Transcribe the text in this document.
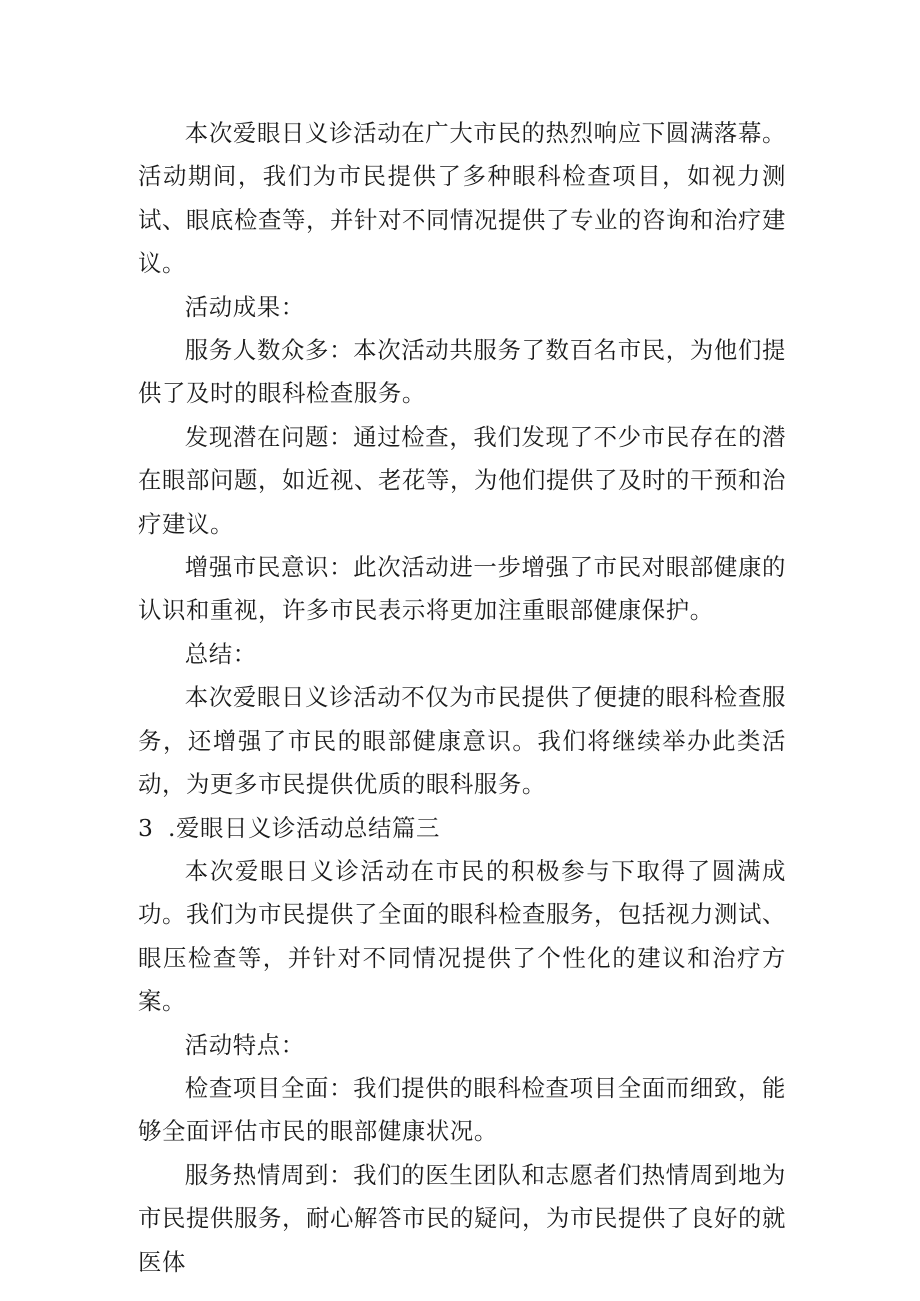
本次爱眼日义诊活动在广大市民的热烈响应下圆满落幕。活动期间，我们为市民提供了多种眼科检查项目，如视力测试、眼底检查等，并针对不同情况提供了专业的咨询和治疗建议。

活动成果：

服务人数众多：本次活动共服务了数百名市民，为他们提供了及时的眼科检查服务。

发现潜在问题：通过检查，我们发现了不少市民存在的潜在眼部问题，如近视、老花等，为他们提供了及时的干预和治疗建议。

增强市民意识：此次活动进一步增强了市民对眼部健康的认识和重视，许多市民表示将更加注重眼部健康保护。

总结：

本次爱眼日义诊活动不仅为市民提供了便捷的眼科检查服务，还增强了市民的眼部健康意识。我们将继续举办此类活动，为更多市民提供优质的眼科服务。

3 .爱眼日义诊活动总结篇三

本次爱眼日义诊活动在市民的积极参与下取得了圆满成功。我们为市民提供了全面的眼科检查服务，包括视力测试、眼压检查等，并针对不同情况提供了个性化的建议和治疗方案。

活动特点：

检查项目全面：我们提供的眼科检查项目全面而细致，能够全面评估市民的眼部健康状况。

服务热情周到：我们的医生团队和志愿者们热情周到地为市民提供服务，耐心解答市民的疑问，为市民提供了良好的就医体
